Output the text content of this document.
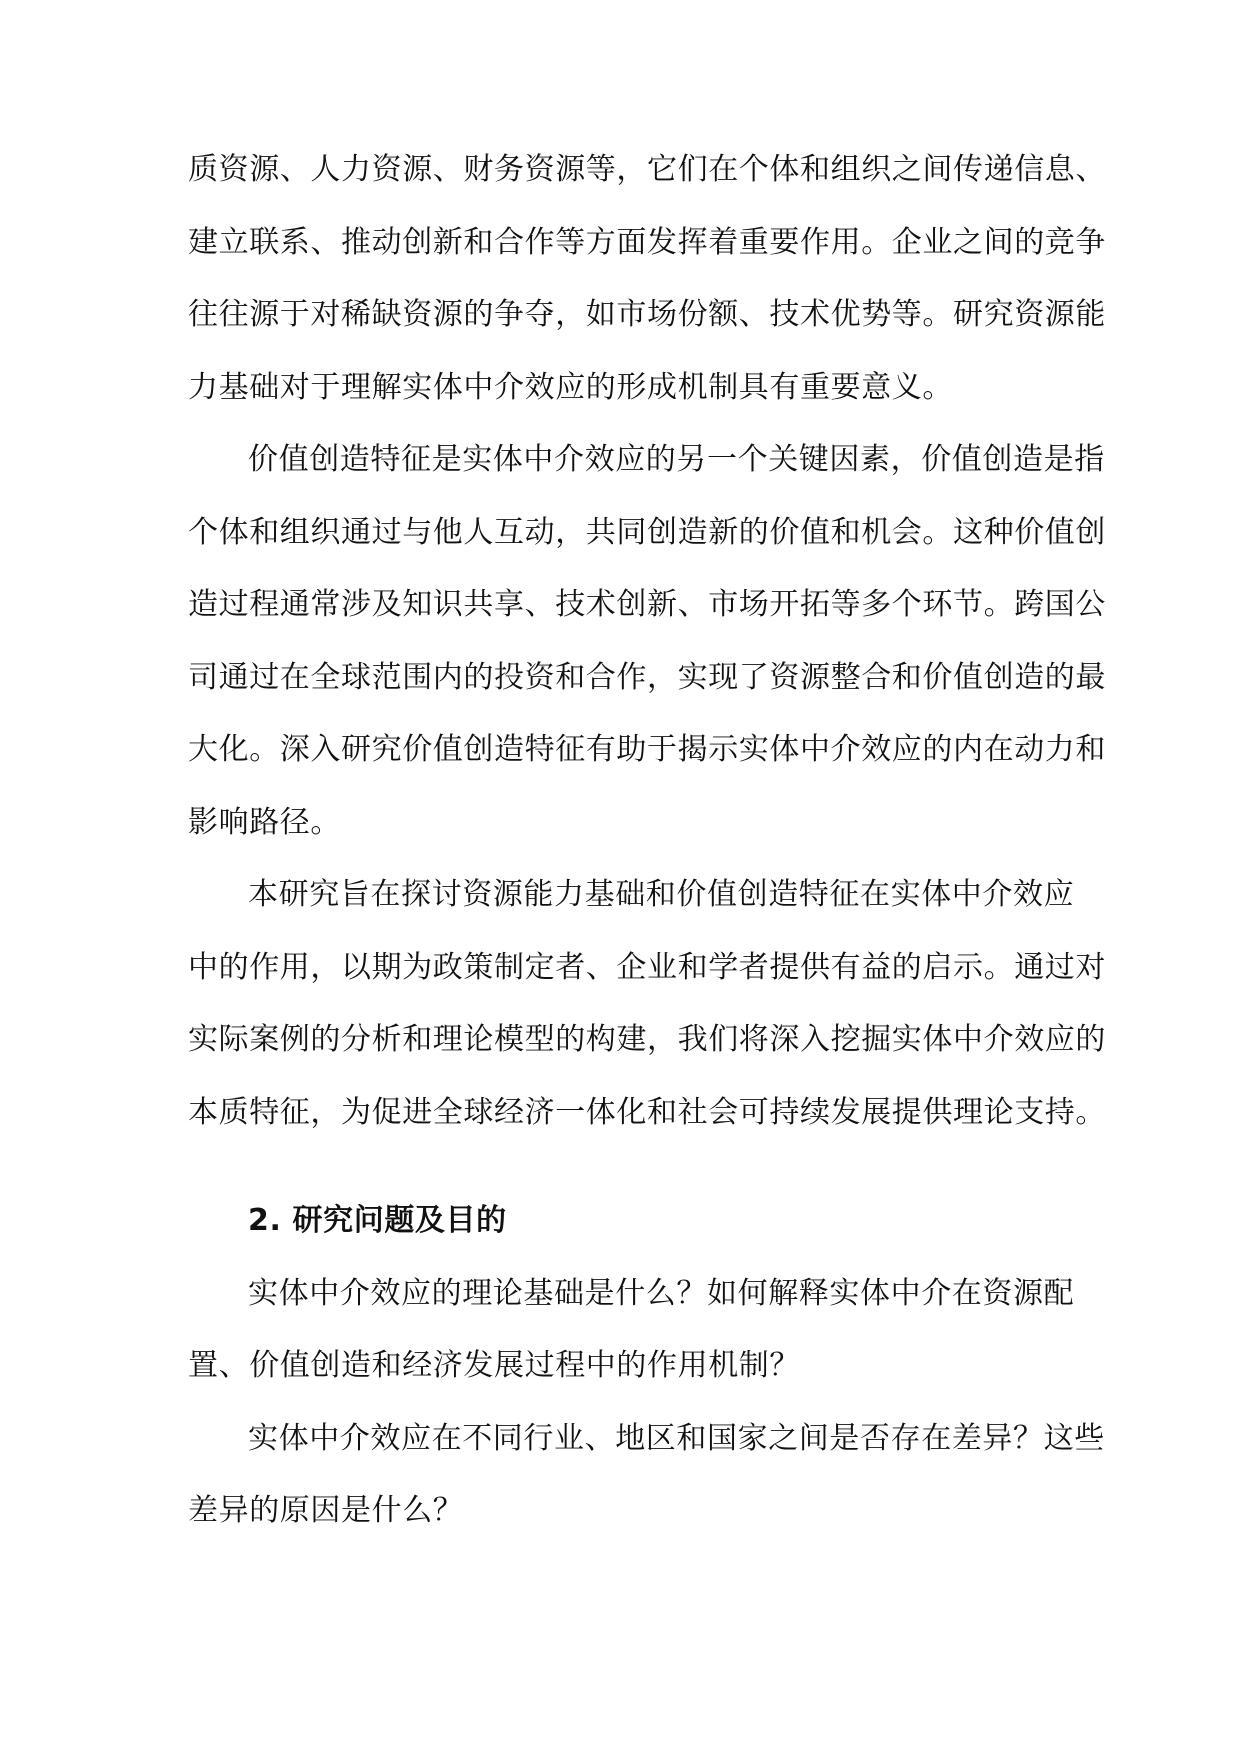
质资源、人力资源、财务资源等，它们在个体和组织之间传递信息、
建立联系、推动创新和合作等方面发挥着重要作用。企业之间的竞争
往往源于对稀缺资源的争夺，如市场份额、技术优势等。研究资源能
力基础对于理解实体中介效应的形成机制具有重要意义。
价值创造特征是实体中介效应的另一个关键因素，价值创造是指
个体和组织通过与他人互动，共同创造新的价值和机会。这种价值创
造过程通常涉及知识共享、技术创新、市场开拓等多个环节。跨国公
司通过在全球范围内的投资和合作，实现了资源整合和价值创造的最
大化。深入研究价值创造特征有助于揭示实体中介效应的内在动力和
影响路径。
本研究旨在探讨资源能力基础和价值创造特征在实体中介效应
中的作用，以期为政策制定者、企业和学者提供有益的启示。通过对
实际案例的分析和理论模型的构建，我们将深入挖掘实体中介效应的
本质特征，为促进全球经济一体化和社会可持续发展提供理论支持。
2. 研究问题及目的
实体中介效应的理论基础是什么？如何解释实体中介在资源配
置、价值创造和经济发展过程中的作用机制？
实体中介效应在不同行业、地区和国家之间是否存在差异？这些
差异的原因是什么？
